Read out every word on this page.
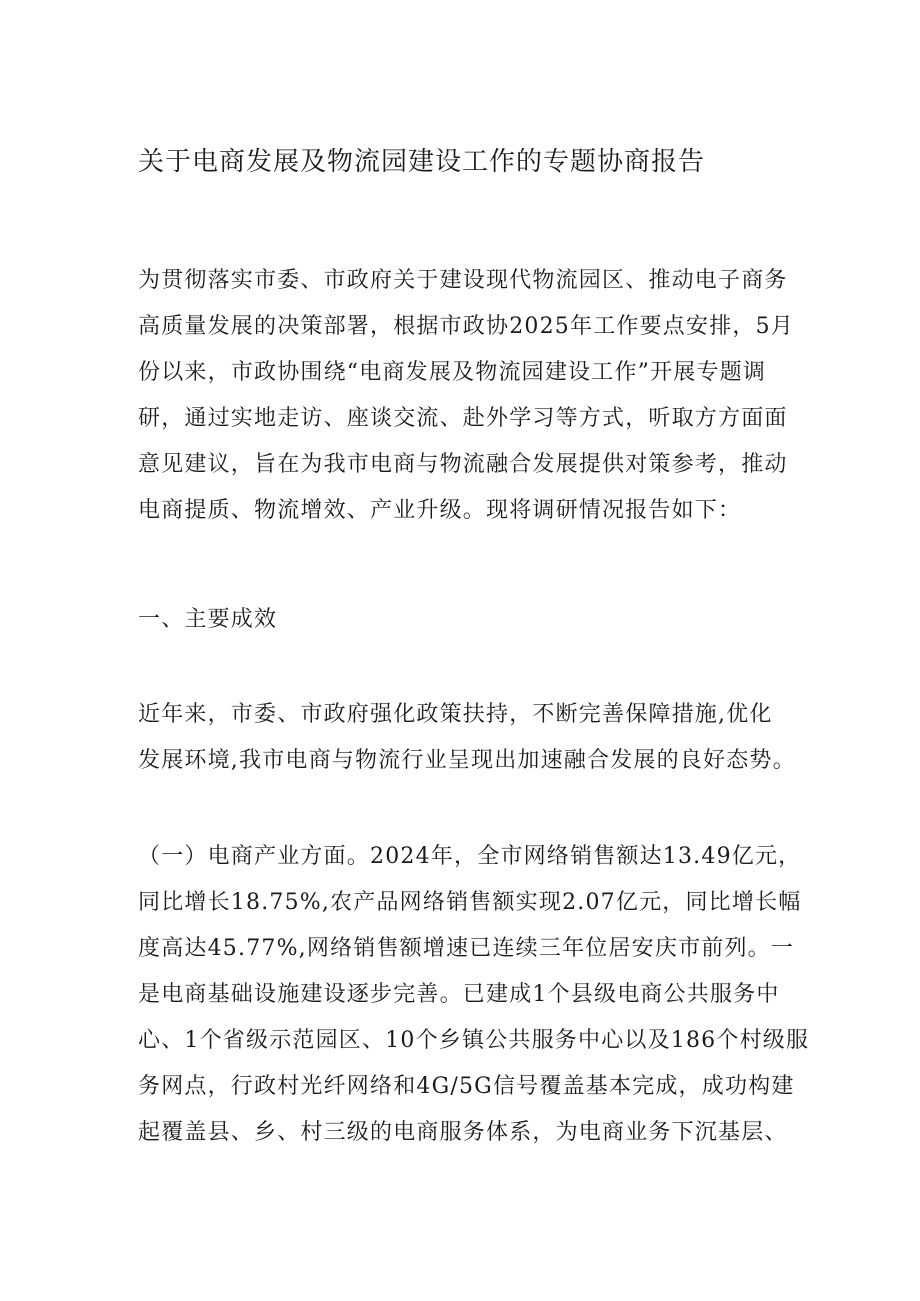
关于电商发展及物流园建设工作的专题协商报告
为贯彻落实市委、市政府关于建设现代物流园区、推动电子商务
高质量发展的决策部署，根据市政协2025年工作要点安排，5月
份以来，市政协围绕“电商发展及物流园建设工作”开展专题调
研，通过实地走访、座谈交流、赴外学习等方式，听取方方面面
意见建议，旨在为我市电商与物流融合发展提供对策参考，推动
电商提质、物流增效、产业升级。现将调研情况报告如下：
一、主要成效
近年来，市委、市政府强化政策扶持，不断完善保障措施,优化
发展环境,我市电商与物流行业呈现出加速融合发展的良好态势。
（一）电商产业方面。2024年，全市网络销售额达13.49亿元，
同比增长18.75%,农产品网络销售额实现2.07亿元，同比增长幅
度高达45.77%,网络销售额增速已连续三年位居安庆市前列。一
是电商基础设施建设逐步完善。已建成1个县级电商公共服务中
心、1个省级示范园区、10个乡镇公共服务中心以及186个村级服
务网点，行政村光纤网络和4G/5G信号覆盖基本完成，成功构建
起覆盖县、乡、村三级的电商服务体系，为电商业务下沉基层、
